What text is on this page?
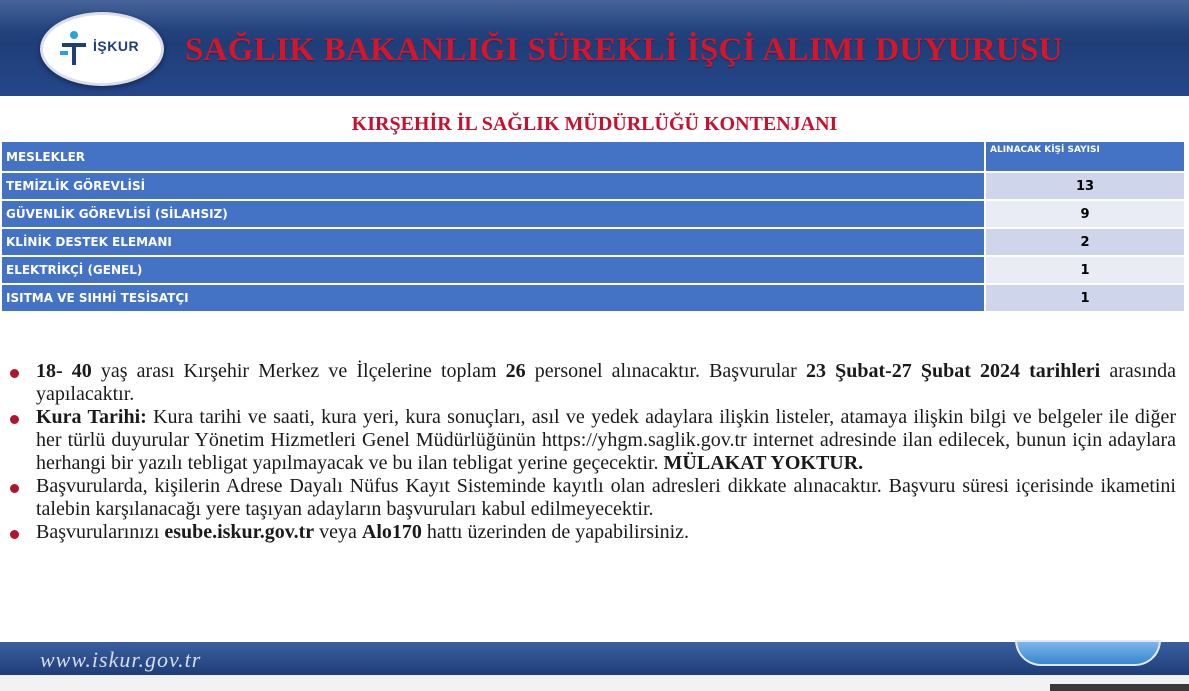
İŞKUR SAĞLIK BAKANLIĞI SÜREKLİ İŞÇİ ALIMI DUYURUSU
KIRŞEHİR İL SAĞLIK MÜDÜRLÜĞÜ KONTENJANI
MESLEKLER	ALINACAK KİŞİ SAYISI
TEMİZLİK GÖREVLİSİ	13
GÜVENLİK GÖREVLİSİ (SİLAHSIZ)	9
KLİNİK DESTEK ELEMANI	2
ELEKTRİKÇİ (GENEL)	1
ISITMA VE SIHHİ TESİSATÇI	1
18- 40 yaş arası Kırşehir Merkez ve İlçelerine toplam 26 personel alınacaktır. Başvurular 23 Şubat-27 Şubat 2024 tarihleri arasında yapılacaktır.
Kura Tarihi: Kura tarihi ve saati, kura yeri, kura sonuçları, asıl ve yedek adaylara ilişkin listeler, atamaya ilişkin bilgi ve belgeler ile diğer her türlü duyurular Yönetim Hizmetleri Genel Müdürlüğünün https://yhgm.saglik.gov.tr internet adresinde ilan edilecek, bunun için adaylara herhangi bir yazılı tebligat yapılmayacak ve bu ilan tebligat yerine geçecektir. MÜLAKAT YOKTUR.
Başvurularda, kişilerin Adrese Dayalı Nüfus Kayıt Sisteminde kayıtlı olan adresleri dikkate alınacaktır. Başvuru süresi içerisinde ikametini talebin karşılanacağı yere taşıyan adayların başvuruları kabul edilmeyecektir.
Başvurularınızı esube.iskur.gov.tr veya Alo170 hattı üzerinden de yapabilirsiniz.
www.iskur.gov.tr
